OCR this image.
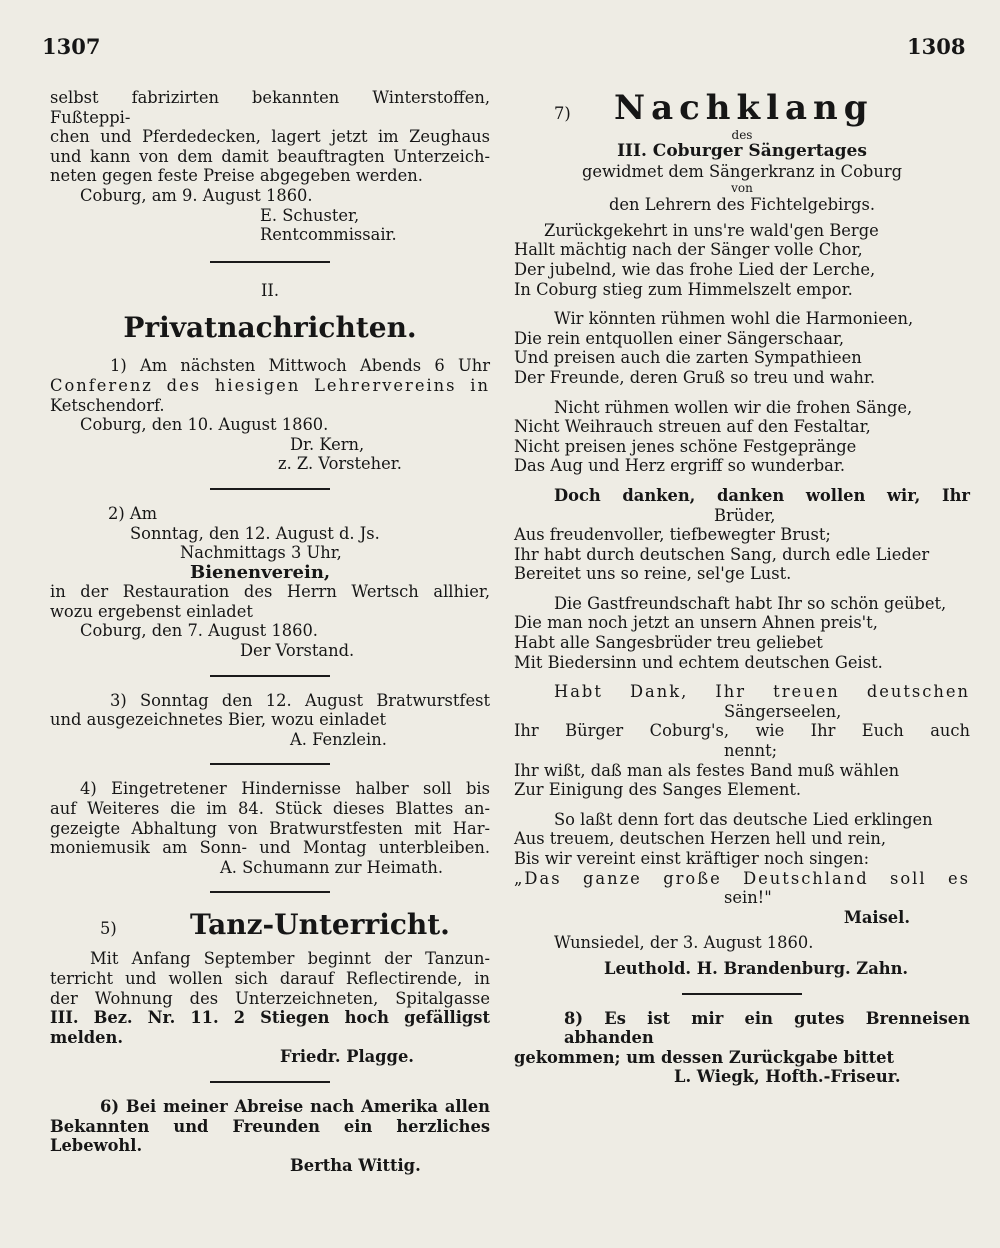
1307	1308
selbst fabrizirten bekannten Winterstoffen, Fußteppi-
chen und Pferdedecken, lagert jetzt im Zeughaus
und kann von dem damit beauftragten Unterzeich-
neten gegen feste Preise abgegeben werden.
Coburg, am 9. August 1860.
E. Schuster,
Rentcommissair.
II.
Privatnachrichten.
1) Am nächsten Mittwoch Abends 6 Uhr
Conferenz des hiesigen Lehrervereins in
Ketschendorf.
Coburg, den 10. August 1860.
Dr. Kern,
z. Z. Vorsteher.
2) Am
Sonntag, den 12. August d. Js.
Nachmittags 3 Uhr,
Bienenverein,
in der Restauration des Herrn Wertsch allhier,
wozu ergebenst einladet
Coburg, den 7. August 1860.
Der Vorstand.
3) Sonntag den 12. August Bratwurstfest
und ausgezeichnetes Bier, wozu einladet
A. Fenzlein.
4) Eingetretener Hindernisse halber soll bis
auf Weiteres die im 84. Stück dieses Blattes an-
gezeigte Abhaltung von Bratwurstfesten mit Har-
moniemusik am Sonn- und Montag unterbleiben.
A. Schumann zur Heimath.
5)	Tanz-Unterricht.
Mit Anfang September beginnt der Tanzun-
terricht und wollen sich darauf Reflectirende, in
der Wohnung des Unterzeichneten, Spitalgasse
III. Bez. Nr. 11. 2 Stiegen hoch gefälligst melden.
Friedr. Plagge.
6) Bei meiner Abreise nach Amerika allen
Bekannten und Freunden ein herzliches Lebewohl.
Bertha Wittig.
7)	Nachklang
des
III. Coburger Sängertages
gewidmet dem Sängerkranz in Coburg
von
den Lehrern des Fichtelgebirgs.
Zurückgekehrt in uns're wald'gen Berge
Hallt mächtig nach der Sänger volle Chor,
Der jubelnd, wie das frohe Lied der Lerche,
In Coburg stieg zum Himmelszelt empor.
Wir könnten rühmen wohl die Harmonieen,
Die rein entquollen einer Sängerschaar,
Und preisen auch die zarten Sympathieen
Der Freunde, deren Gruß so treu und wahr.
Nicht rühmen wollen wir die frohen Sänge,
Nicht Weihrauch streuen auf den Festaltar,
Nicht preisen jenes schöne Festgepränge
Das Aug und Herz ergriff so wunderbar.
Doch danken, danken wollen wir, Ihr
Brüder,
Aus freudenvoller, tiefbewegter Brust;
Ihr habt durch deutschen Sang, durch edle Lieder
Bereitet uns so reine, sel'ge Lust.
Die Gastfreundschaft habt Ihr so schön geübet,
Die man noch jetzt an unsern Ahnen preis't,
Habt alle Sangesbrüder treu geliebet
Mit Biedersinn und echtem deutschen Geist.
Habt Dank, Ihr treuen deutschen
Sängerseelen,
Ihr Bürger Coburg's, wie Ihr Euch auch
nennt;
Ihr wißt, daß man als festes Band muß wählen
Zur Einigung des Sanges Element.
So laßt denn fort das deutsche Lied erklingen
Aus treuem, deutschen Herzen hell und rein,
Bis wir vereint einst kräftiger noch singen:
„Das ganze große Deutschland soll es
sein!"
Maisel.
Wunsiedel, der 3. August 1860.
Leuthold. H. Brandenburg. Zahn.
8) Es ist mir ein gutes Brenneisen abhanden
gekommen; um dessen Zurückgabe bittet
L. Wiegk, Hofth.-Friseur.
